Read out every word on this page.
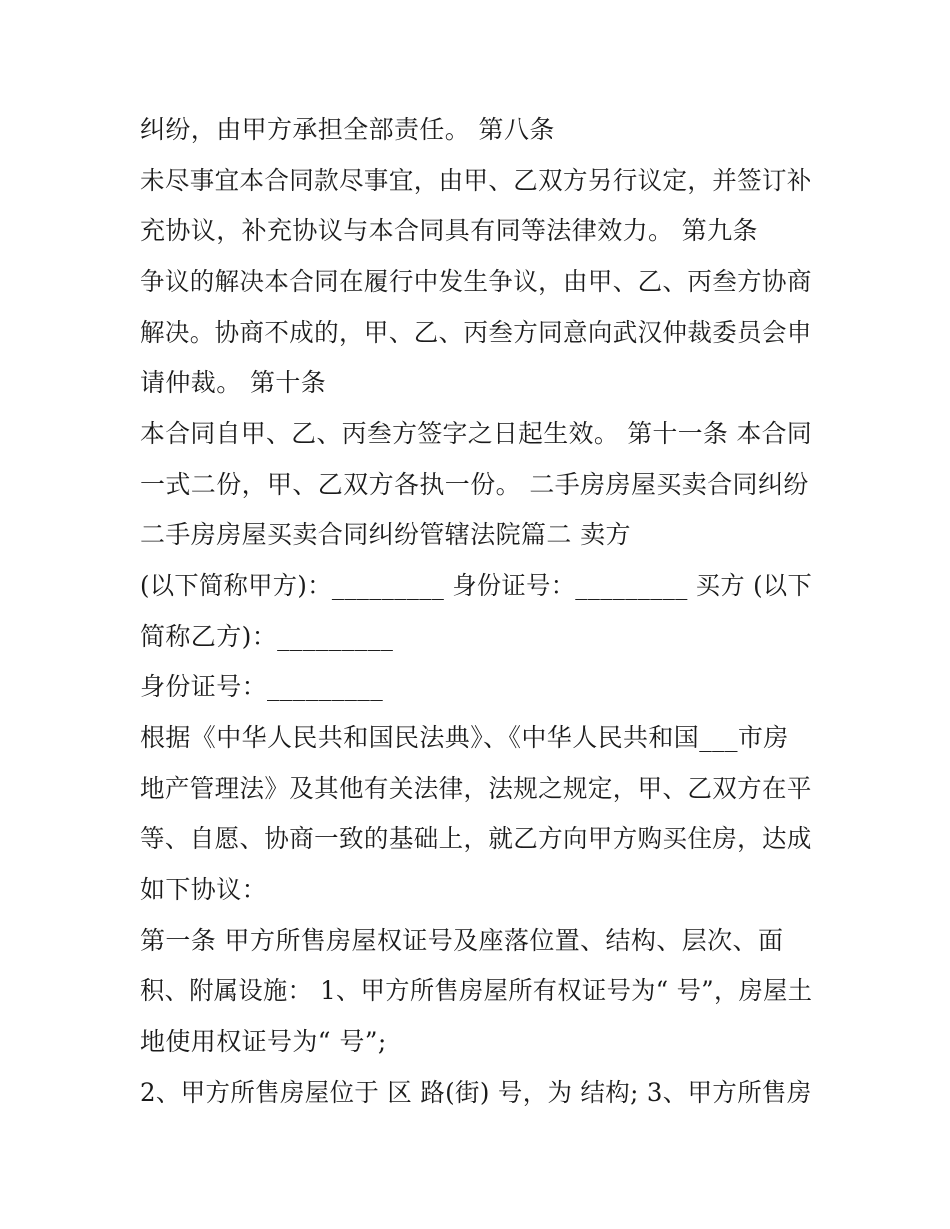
纠纷，由甲方承担全部责任。 第八条
未尽事宜本合同款尽事宜，由甲、乙双方另行议定，并签订补
充协议，补充协议与本合同具有同等法律效力。 第九条
争议的解决本合同在履行中发生争议，由甲、乙、丙叁方协商
解决。协商不成的，甲、乙、丙叁方同意向武汉仲裁委员会申
请仲裁。 第十条
本合同自甲、乙、丙叁方签字之日起生效。 第十一条 本合同
一式二份，甲、乙双方各执一份。 二手房房屋买卖合同纠纷
二手房房屋买卖合同纠纷管辖法院篇二 卖方
(以下简称甲方)：_________ 身份证号：_________ 买方 (以下
简称乙方)：_________
身份证号：_________
根据《中华人民共和国民法典》、《中华人民共和国___市房
地产管理法》及其他有关法律，法规之规定，甲、乙双方在平
等、自愿、协商一致的基础上，就乙方向甲方购买住房，达成
如下协议：
第一条 甲方所售房屋权证号及座落位置、结构、层次、面
积、附属设施： 1、甲方所售房屋所有权证号为“ 号”，房屋土
地使用权证号为“ 号”;
2、甲方所售房屋位于 区 路(街) 号，为 结构; 3、甲方所售房
